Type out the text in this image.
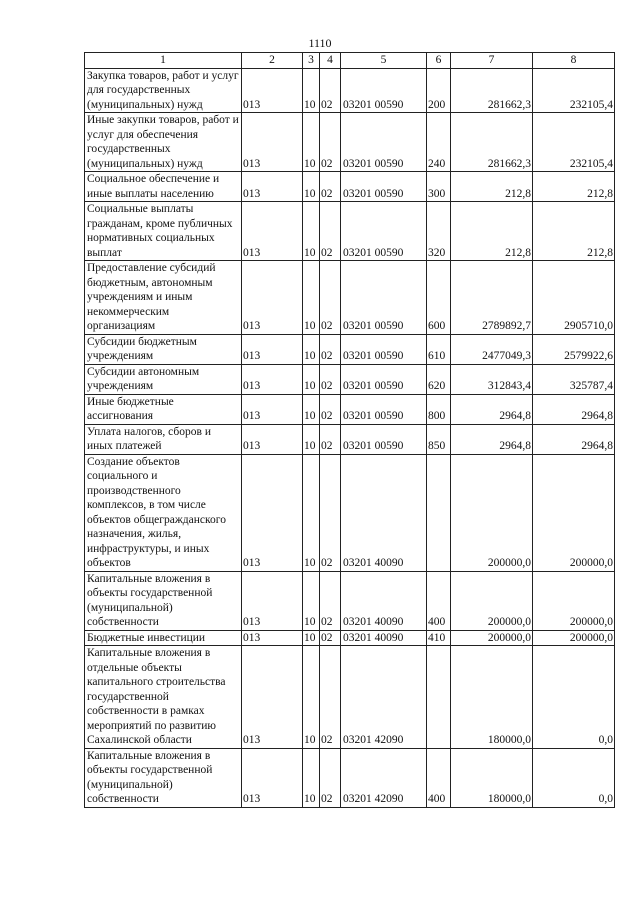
1110
1	2	3	4	5	6	7	8
Закупка товаров, работ и услуг для государственных (муниципальных) нужд	013	10	02	03201 00590	200	281662,3	232105,4
Иные закупки товаров, работ и услуг для обеспечения государственных (муниципальных) нужд	013	10	02	03201 00590	240	281662,3	232105,4
Социальное обеспечение и иные выплаты населению	013	10	02	03201 00590	300	212,8	212,8
Социальные выплаты гражданам, кроме публичных нормативных социальных выплат	013	10	02	03201 00590	320	212,8	212,8
Предоставление субсидий бюджетным, автономным учреждениям и иным некоммерческим организациям	013	10	02	03201 00590	600	2789892,7	2905710,0
Субсидии бюджетным учреждениям	013	10	02	03201 00590	610	2477049,3	2579922,6
Субсидии автономным учреждениям	013	10	02	03201 00590	620	312843,4	325787,4
Иные бюджетные ассигнования	013	10	02	03201 00590	800	2964,8	2964,8
Уплата налогов, сборов и иных платежей	013	10	02	03201 00590	850	2964,8	2964,8
Создание объектов социального и производственного комплексов, в том числе объектов общегражданского назначения, жилья, инфраструктуры, и иных объектов	013	10	02	03201 40090		200000,0	200000,0
Капитальные вложения в объекты государственной (муниципальной) собственности	013	10	02	03201 40090	400	200000,0	200000,0
Бюджетные инвестиции	013	10	02	03201 40090	410	200000,0	200000,0
Капитальные вложения в отдельные объекты капитального строительства государственной собственности в рамках мероприятий по развитию Сахалинской области	013	10	02	03201 42090		180000,0	0,0
Капитальные вложения в объекты государственной (муниципальной) собственности	013	10	02	03201 42090	400	180000,0	0,0
